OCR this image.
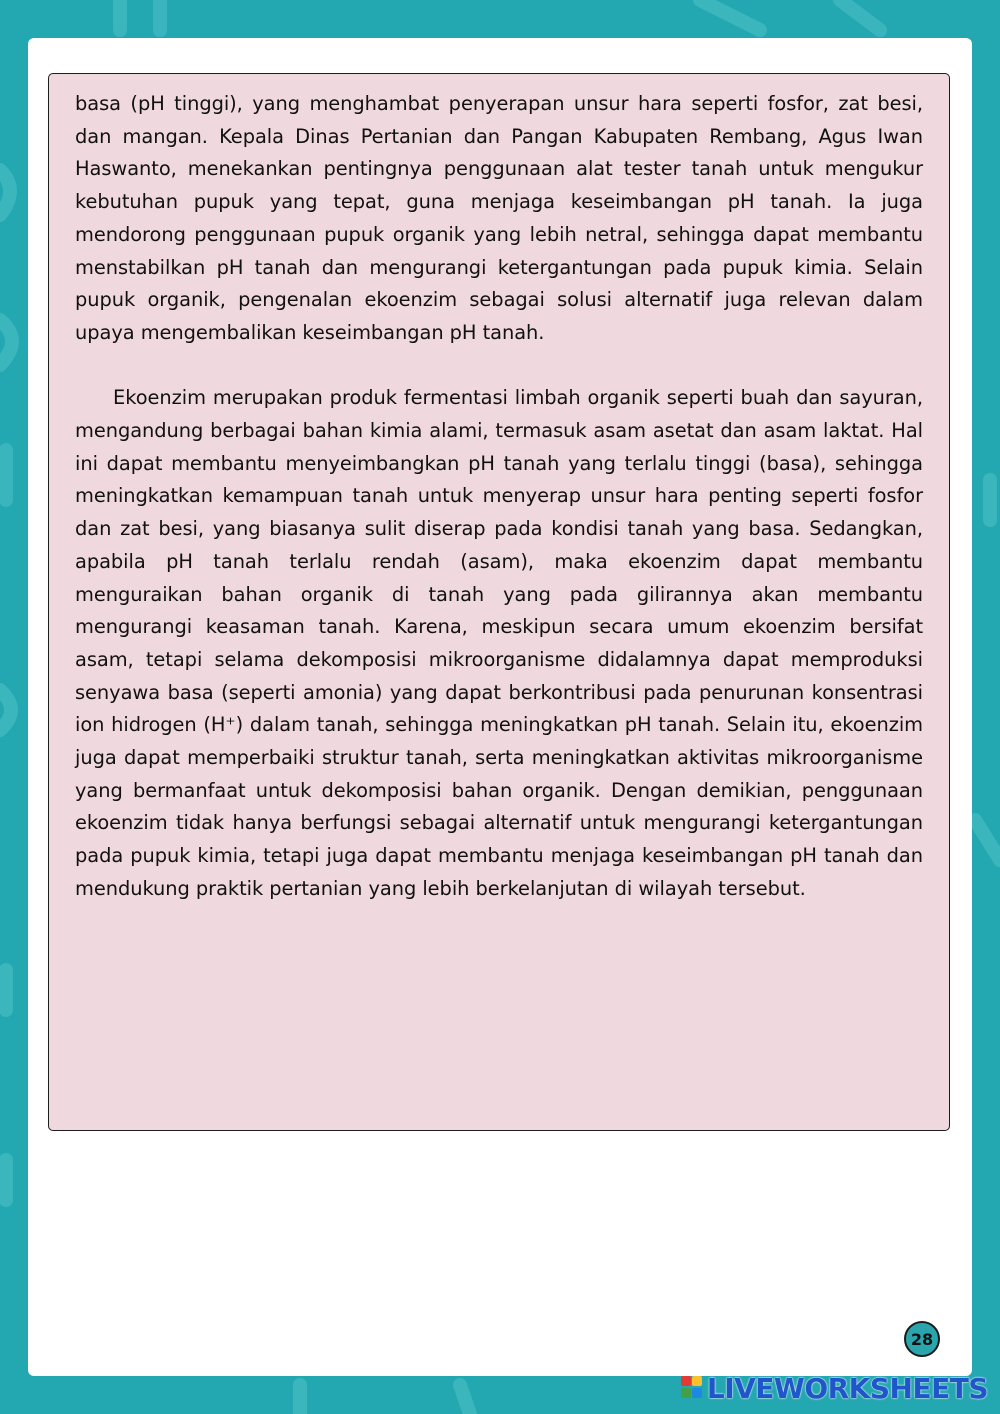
basa (pH tinggi), yang menghambat penyerapan unsur hara seperti fosfor, zat besi, dan mangan. Kepala Dinas Pertanian dan Pangan Kabupaten Rembang, Agus Iwan Haswanto, menekankan pentingnya penggunaan alat tester tanah untuk mengukur kebutuhan pupuk yang tepat, guna menjaga keseimbangan pH tanah. Ia juga mendorong penggunaan pupuk organik yang lebih netral, sehingga dapat membantu menstabilkan pH tanah dan mengurangi ketergantungan pada pupuk kimia. Selain pupuk organik, pengenalan ekoenzim sebagai solusi alternatif juga relevan dalam upaya mengembalikan keseimbangan pH tanah.

Ekoenzim merupakan produk fermentasi limbah organik seperti buah dan sayuran, mengandung berbagai bahan kimia alami, termasuk asam asetat dan asam laktat. Hal ini dapat membantu menyeimbangkan pH tanah yang terlalu tinggi (basa), sehingga meningkatkan kemampuan tanah untuk menyerap unsur hara penting seperti fosfor dan zat besi, yang biasanya sulit diserap pada kondisi tanah yang basa. Sedangkan, apabila pH tanah terlalu rendah (asam), maka ekoenzim dapat membantu menguraikan bahan organik di tanah yang pada gilirannya akan membantu mengurangi keasaman tanah. Karena, meskipun secara umum ekoenzim bersifat asam, tetapi selama dekomposisi mikroorganisme didalamnya dapat memproduksi senyawa basa (seperti amonia) yang dapat berkontribusi pada penurunan konsentrasi ion hidrogen (H⁺) dalam tanah, sehingga meningkatkan pH tanah. Selain itu, ekoenzim juga dapat memperbaiki struktur tanah, serta meningkatkan aktivitas mikroorganisme yang bermanfaat untuk dekomposisi bahan organik. Dengan demikian, penggunaan ekoenzim tidak hanya berfungsi sebagai alternatif untuk mengurangi ketergantungan pada pupuk kimia, tetapi juga dapat membantu menjaga keseimbangan pH tanah dan mendukung praktik pertanian yang lebih berkelanjutan di wilayah tersebut.

28
LIVEWORKSHEETS
